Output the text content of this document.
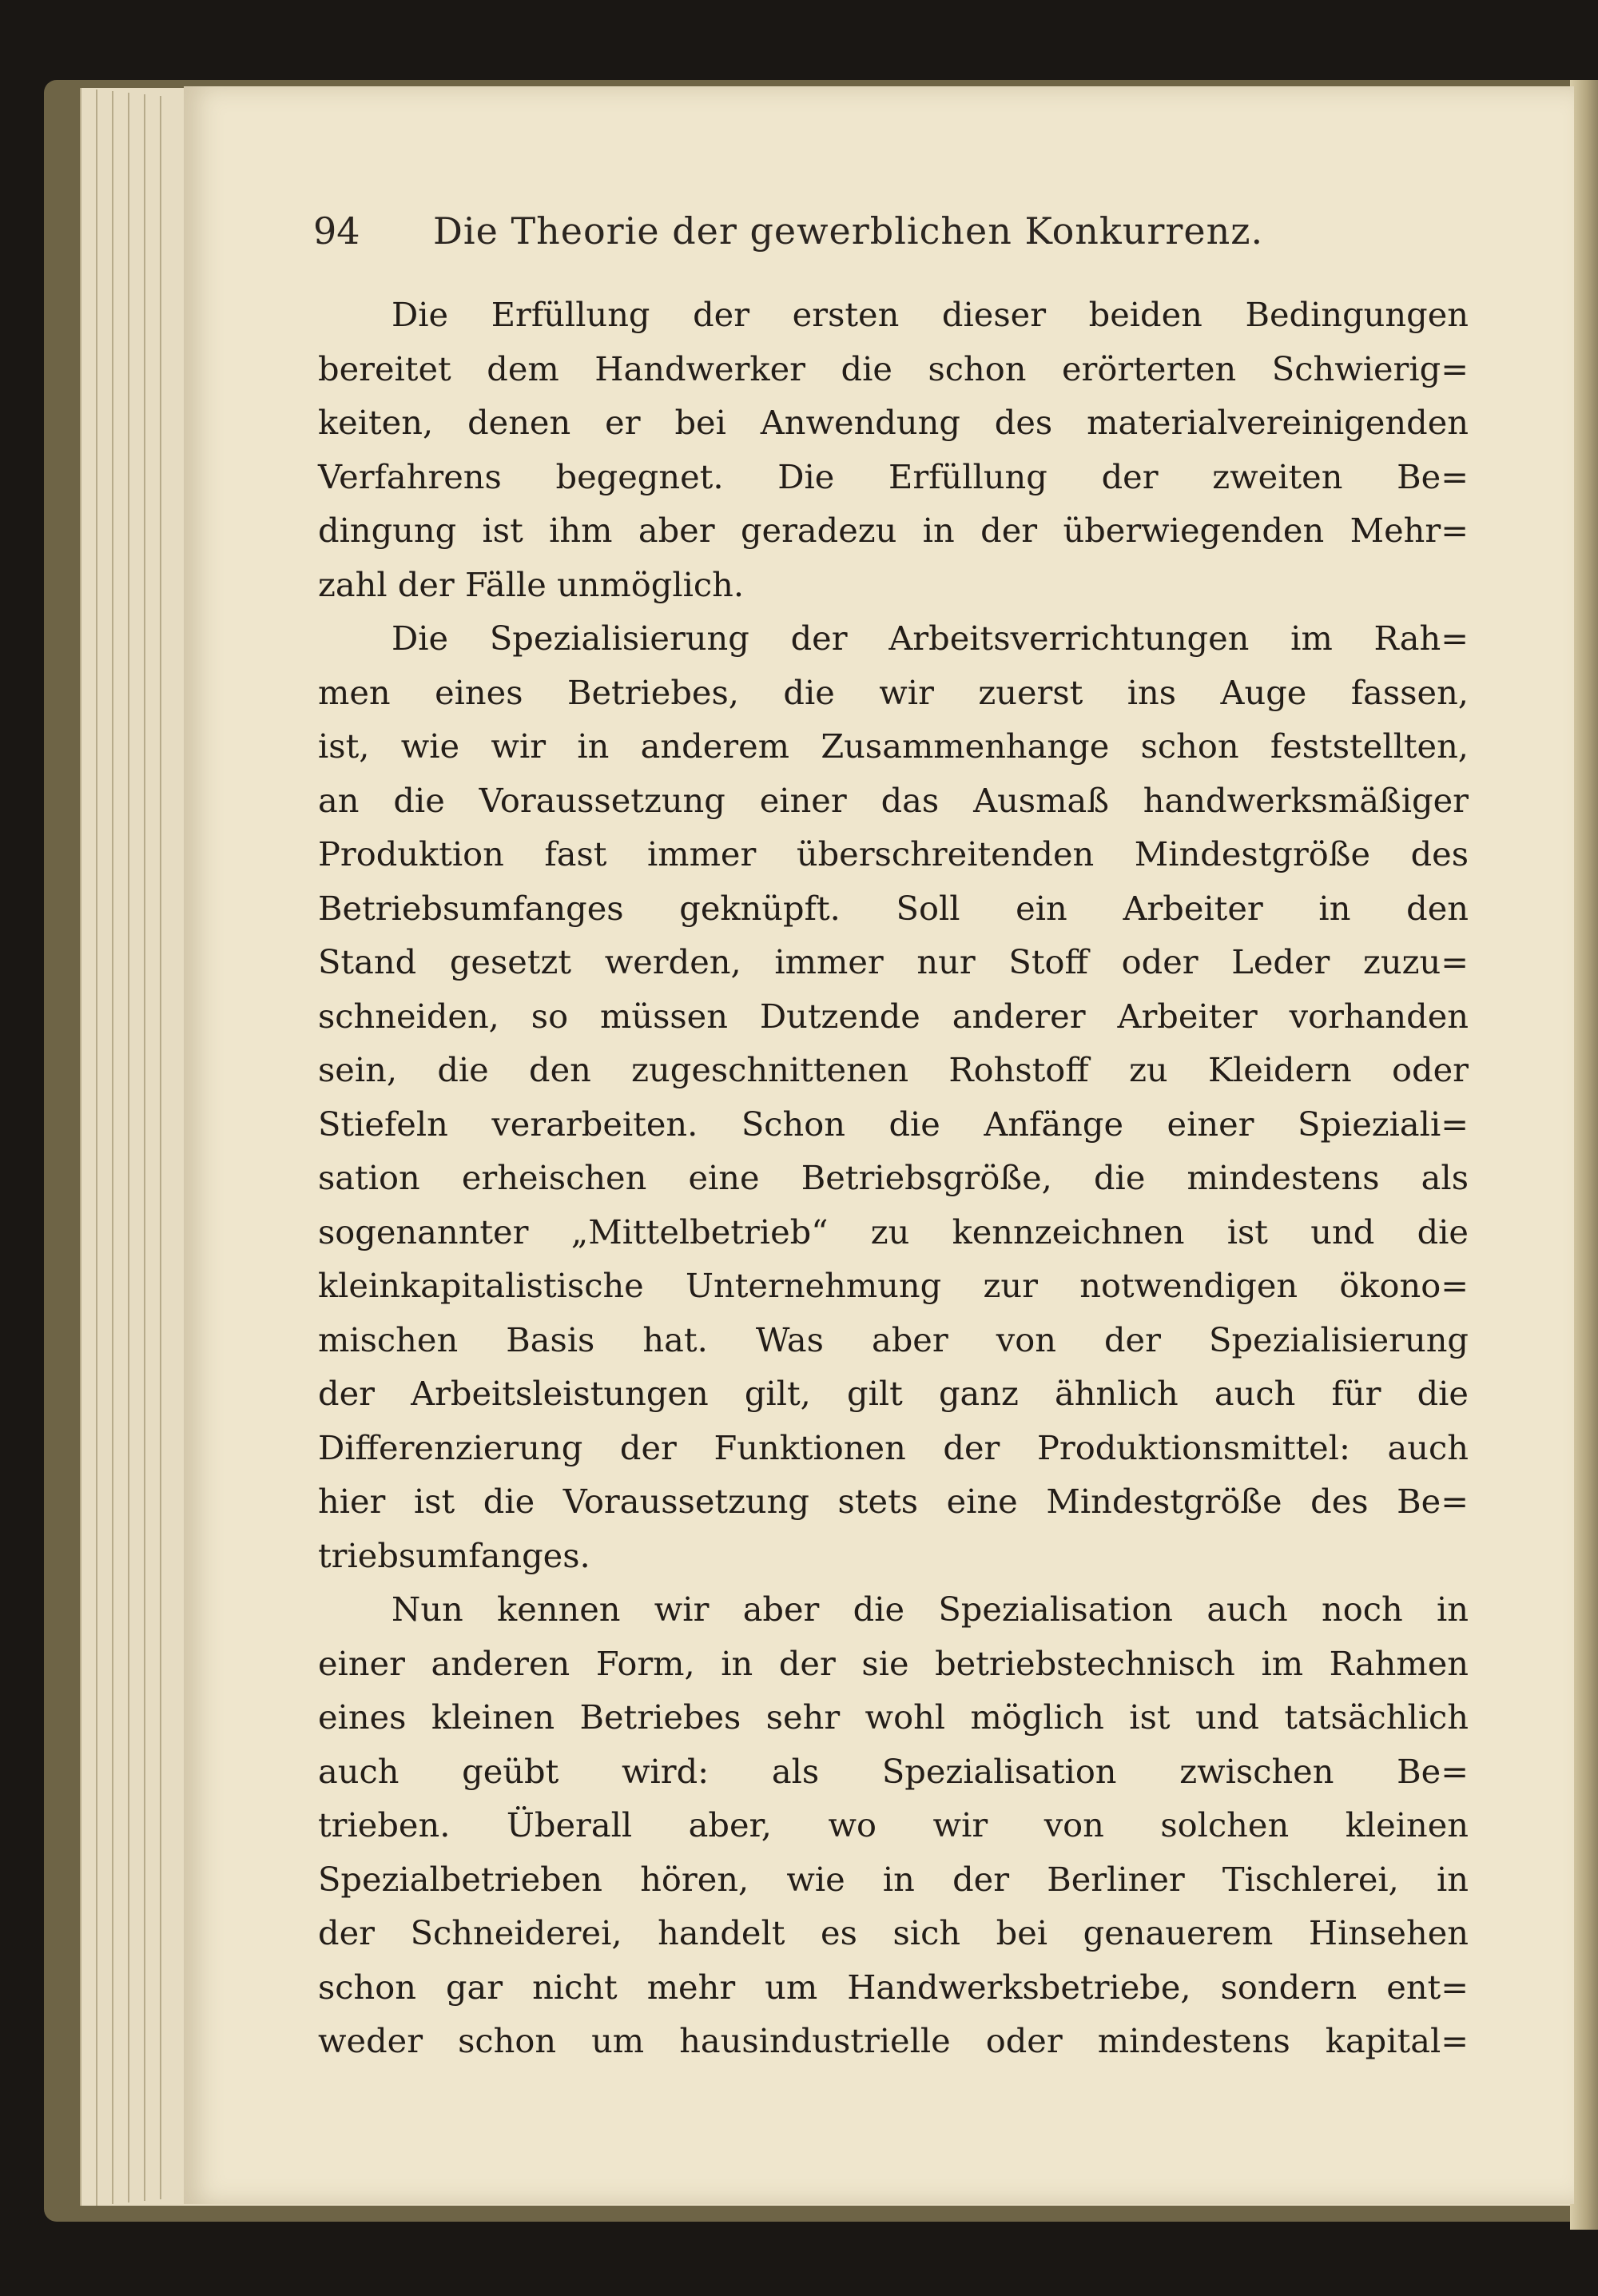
94	Die Theorie der gewerblichen Konkurrenz.

Die Erfüllung der ersten dieser beiden Bedingungen
bereitet dem Handwerker die schon erörterten Schwierig=
keiten, denen er bei Anwendung des materialvereinigenden
Verfahrens begegnet. Die Erfüllung der zweiten Be=
dingung ist ihm aber geradezu in der überwiegenden Mehr=
zahl der Fälle unmöglich.

Die Spezialisierung der Arbeitsverrichtungen im Rah=
men eines Betriebes, die wir zuerst ins Auge fassen,
ist, wie wir in anderem Zusammenhange schon feststellten,
an die Voraussetzung einer das Ausmaß handwerksmäßiger
Produktion fast immer überschreitenden Mindestgröße des
Betriebsumfanges geknüpft. Soll ein Arbeiter in den
Stand gesetzt werden, immer nur Stoff oder Leder zuzu=
schneiden, so müssen Dutzende anderer Arbeiter vorhanden
sein, die den zugeschnittenen Rohstoff zu Kleidern oder
Stiefeln verarbeiten. Schon die Anfänge einer Spieziali=
sation erheischen eine Betriebsgröße, die mindestens als
sogenannter „Mittelbetrieb“ zu kennzeichnen ist und die
kleinkapitalistische Unternehmung zur notwendigen ökono=
mischen Basis hat. Was aber von der Spezialisierung
der Arbeitsleistungen gilt, gilt ganz ähnlich auch für die
Differenzierung der Funktionen der Produktionsmittel: auch
hier ist die Voraussetzung stets eine Mindestgröße des Be=
triebsumfanges.

Nun kennen wir aber die Spezialisation auch noch in
einer anderen Form, in der sie betriebstechnisch im Rahmen
eines kleinen Betriebes sehr wohl möglich ist und tatsächlich
auch geübt wird: als Spezialisation zwischen Be=
trieben. Überall aber, wo wir von solchen kleinen
Spezialbetrieben hören, wie in der Berliner Tischlerei, in
der Schneiderei, handelt es sich bei genauerem Hinsehen
schon gar nicht mehr um Handwerksbetriebe, sondern ent=
weder schon um hausindustrielle oder mindestens kapital=
